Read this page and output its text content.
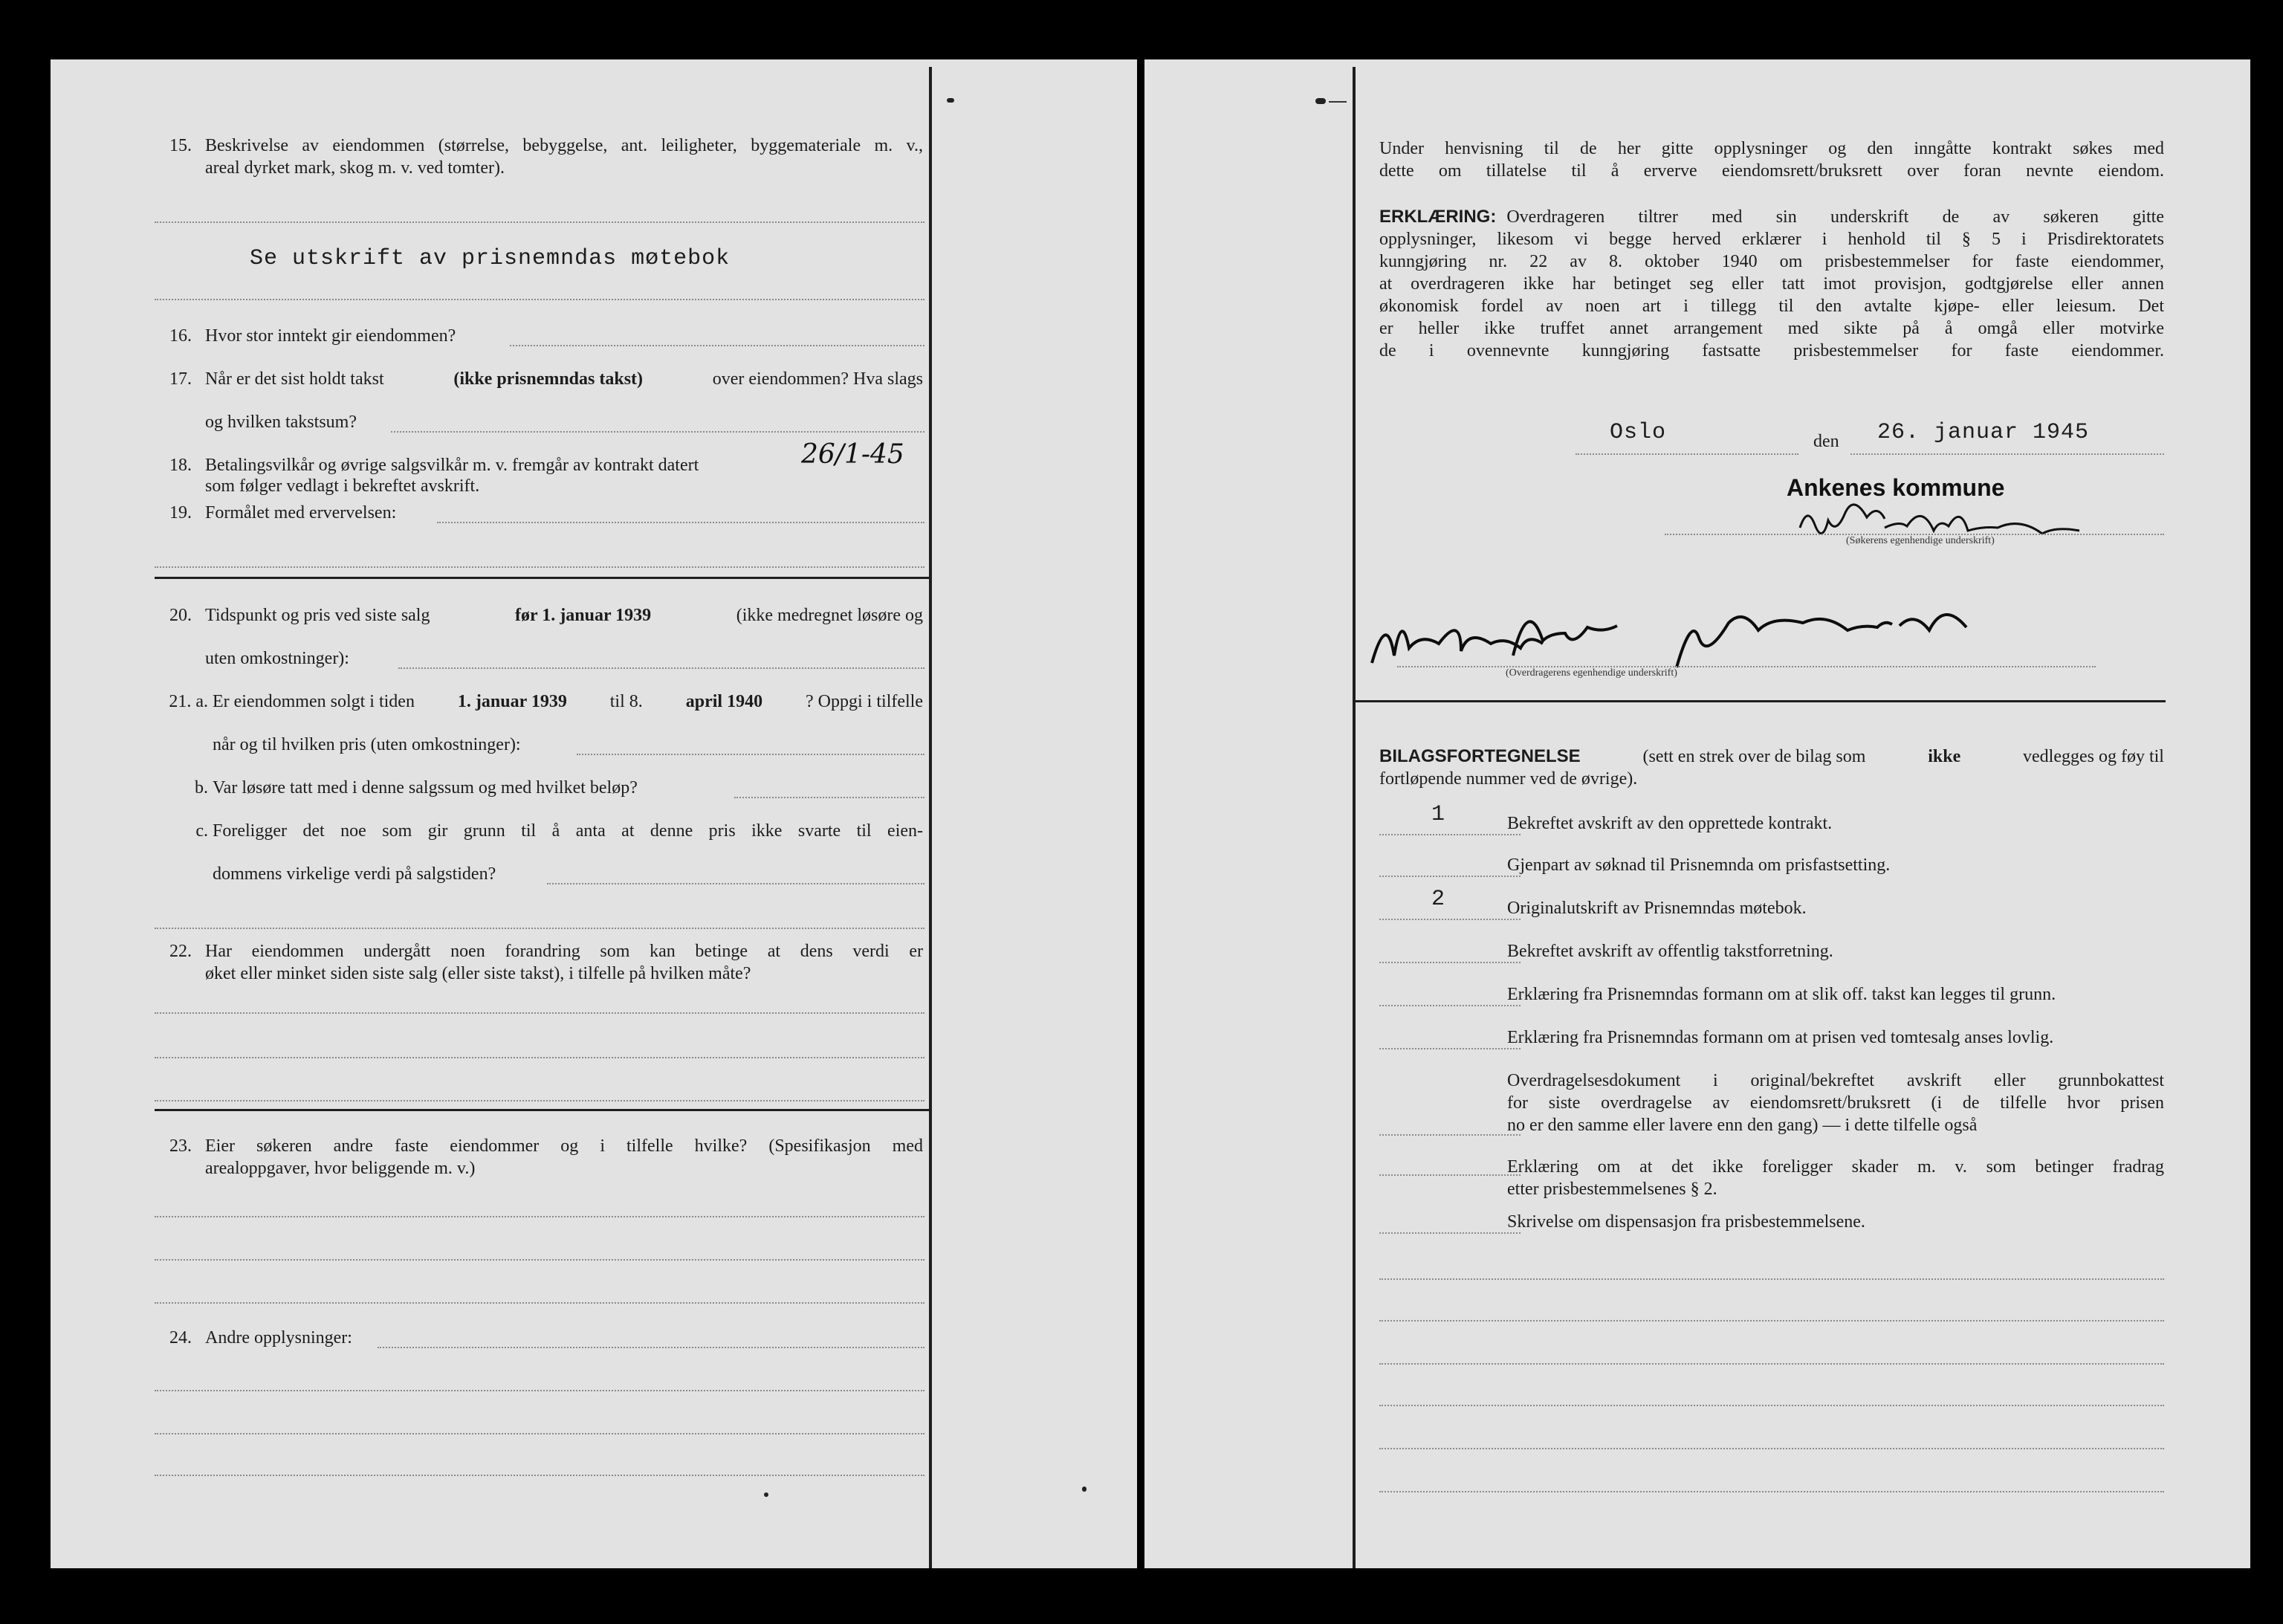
15. Beskrivelse av eiendommen (størrelse, bebyggelse, ant. leiligheter, byggemateriale m. v.,
areal dyrket mark, skog m. v. ved tomter).
Se utskrift av prisnemndas møtebok
16. Hvor stor inntekt gir eiendommen?
17. Når er det sist holdt takst	(ikke prisnemndas takst)	over eiendommen? Hva slags
og hvilken takstsum?
18. Betalingsvilkår og øvrige salgsvilkår m. v. fremgår av kontrakt datert	26/1-45
som følger vedlagt i bekreftet avskrift.
19. Formålet med ervervelsen:
20. Tidspunkt og pris ved siste salg	før 1. januar 1939	(ikke medregnet løsøre og
uten omkostninger):
21. a. Er eiendommen solgt i tiden 1. januar 1939 til 8. april 1940 ? Oppgi i tilfelle
når og til hvilken pris (uten omkostninger):
b. Var løsøre tatt med i denne salgssum og med hvilket beløp?
c. Foreligger det noe som gir grunn til å anta at denne pris ikke svarte til eien-
dommens virkelige verdi på salgstiden?
22. Har eiendommen undergått noen forandring som kan betinge at dens verdi er
øket eller minket siden siste salg (eller siste takst), i tilfelle på hvilken måte?
23. Eier søkeren andre faste eiendommer og i tilfelle hvilke? (Spesifikasjon med
arealoppgaver, hvor beliggende m. v.)
24. Andre opplysninger:
Under henvisning til de her gitte opplysninger og den inngåtte kontrakt søkes med
dette om tillatelse til å erverve eiendomsrett/bruksrett over foran nevnte eiendom.
ERKLÆRING: Overdrageren tiltrer med sin underskrift de av søkeren gitte
opplysninger, likesom vi begge herved erklærer i henhold til § 5 i Prisdirektoratets
kunngjøring nr. 22 av 8. oktober 1940 om prisbestemmelser for faste eiendommer,
at overdrageren ikke har betinget seg eller tatt imot provisjon, godtgjørelse eller annen
økonomisk fordel av noen art i tillegg til den avtalte kjøpe- eller leiesum. Det
er heller ikke truffet annet arrangement med sikte på å omgå eller motvirke
de i ovennevnte kunngjøring fastsatte prisbestemmelser for faste eiendommer.
Oslo	den 26. januar 1945
Ankenes kommune
(Søkerens egenhendige underskrift)
(Overdragerens egenhendige underskrift)
BILAGSFORTEGNELSE	(sett en strek over de bilag som	ikke	vedlegges og føy til
fortløpende nummer ved de øvrige).
1	Bekreftet avskrift av den opprettede kontrakt.
Gjenpart av søknad til Prisnemnda om prisfastsetting.
2	Originalutskrift av Prisnemndas møtebok.
Bekreftet avskrift av offentlig takstforretning.
Erklæring fra Prisnemndas formann om at slik off. takst kan legges til grunn.
Erklæring fra Prisnemndas formann om at prisen ved tomtesalg anses lovlig.
Overdragelsesdokument i original/bekreftet avskrift eller grunnbokattest
for siste overdragelse av eiendomsrett/bruksrett (i de tilfelle hvor prisen
no er den samme eller lavere enn den gang) — i dette tilfelle også
Erklæring om at det ikke foreligger skader m. v. som betinger fradrag
etter prisbestemmelsenes § 2.
Skrivelse om dispensasjon fra prisbestemmelsene.
